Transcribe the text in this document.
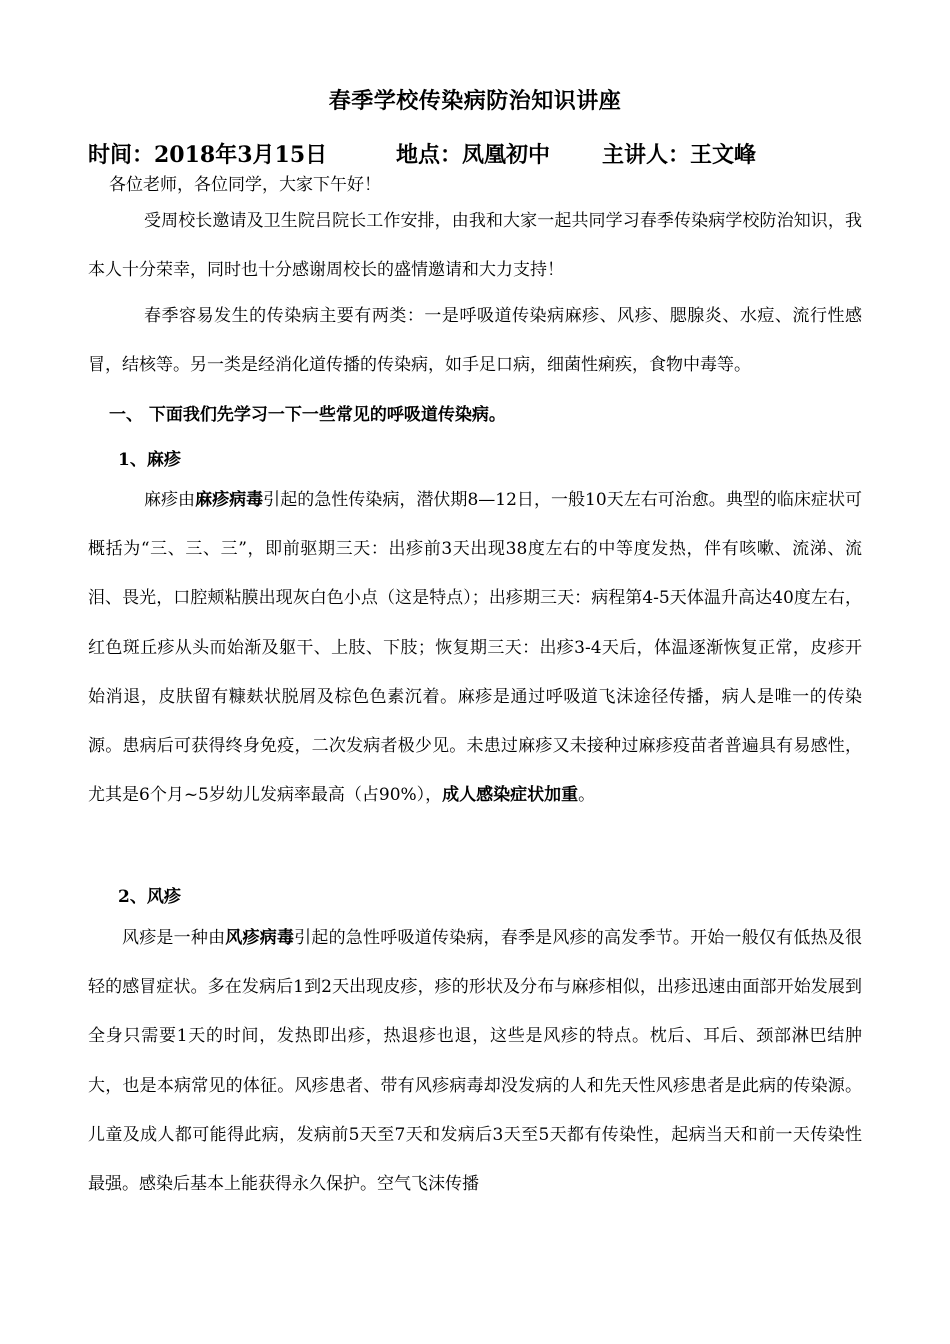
春季学校传染病防治知识讲座
时间：2018年3月15日	地点：凤凰初中 主讲人：王文峰
各位老师，各位同学，大家下午好！
受周校长邀请及卫生院吕院长工作安排，由我和大家一起共同学习春季传染病学校防治知识，我本人十分荣幸，同时也十分感谢周校长的盛情邀请和大力支持！
春季容易发生的传染病主要有两类：一是呼吸道传染病麻疹、风疹、腮腺炎、水痘、流行性感冒，结核等。另一类是经消化道传播的传染病，如手足口病，细菌性痢疾，食物中毒等。
一、 下面我们先学习一下一些常见的呼吸道传染病。
1、麻疹
麻疹由麻疹病毒引起的急性传染病，潜伏期8—12日，一般10天左右可治愈。典型的临床症状可概括为“三、三、三”，即前驱期三天：出疹前3天出现38度左右的中等度发热，伴有咳嗽、流涕、流泪、畏光，口腔颊粘膜出现灰白色小点（这是特点）；出疹期三天：病程第4-5天体温升高达40度左右，红色斑丘疹从头而始渐及躯干、上肢、下肢；恢复期三天：出疹3-4天后，体温逐渐恢复正常，皮疹开始消退，皮肤留有糠麸状脱屑及棕色色素沉着。麻疹是通过呼吸道飞沫途径传播，病人是唯一的传染源。患病后可获得终身免疫，二次发病者极少见。未患过麻疹又未接种过麻疹疫苗者普遍具有易感性，尤其是6个月~5岁幼儿发病率最高（占90%），成人感染症状加重。
2、风疹
风疹是一种由风疹病毒引起的急性呼吸道传染病，春季是风疹的高发季节。开始一般仅有低热及很轻的感冒症状。多在发病后1到2天出现皮疹，疹的形状及分布与麻疹相似，出疹迅速由面部开始发展到全身只需要1天的时间，发热即出疹，热退疹也退，这些是风疹的特点。枕后、耳后、颈部淋巴结肿大，也是本病常见的体征。风疹患者、带有风疹病毒却没发病的人和先天性风疹患者是此病的传染源。儿童及成人都可能得此病，发病前5天至7天和发病后3天至5天都有传染性，起病当天和前一天传染性最强。感染后基本上能获得永久保护。空气飞沫传播
